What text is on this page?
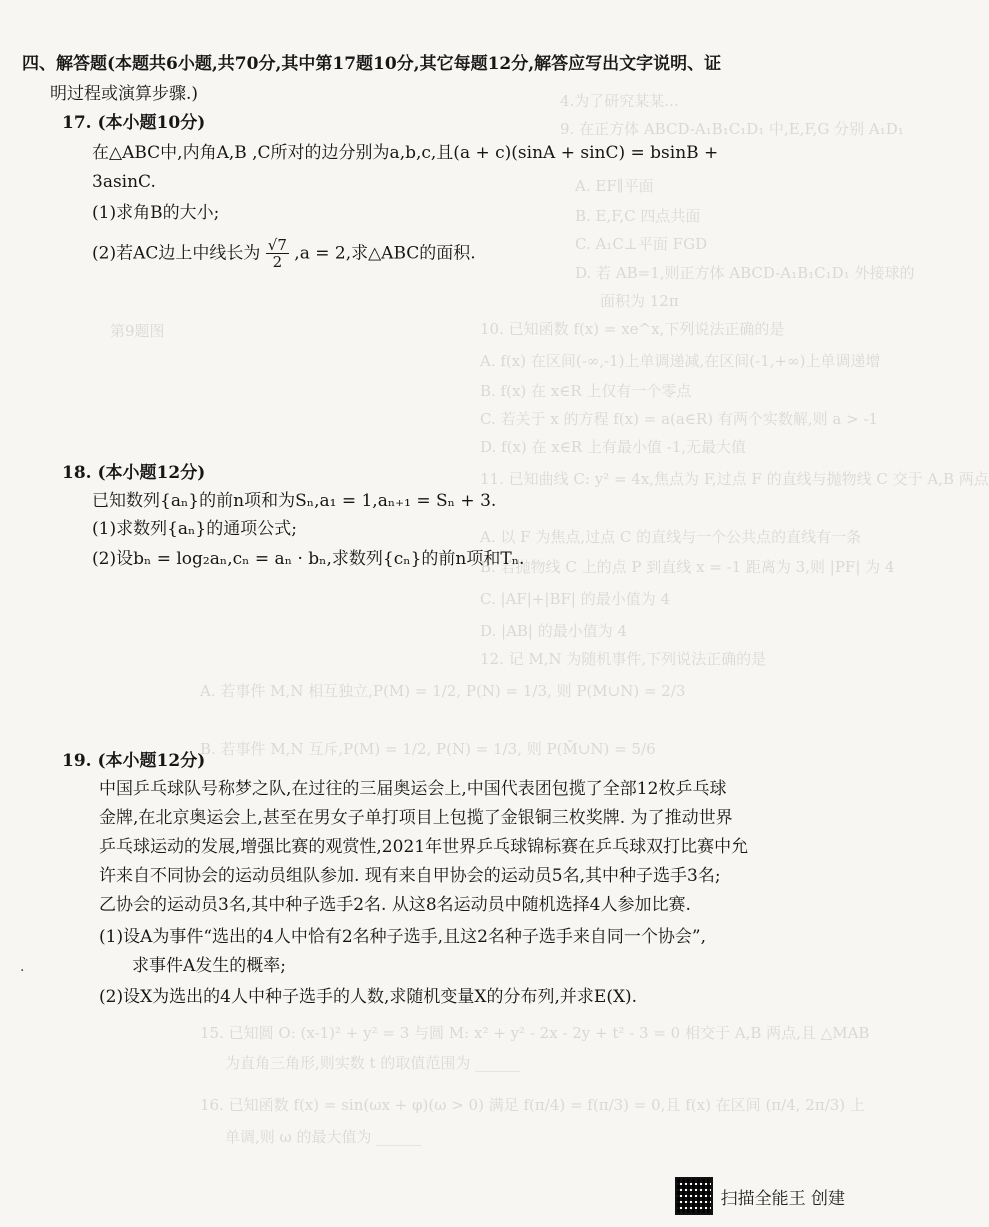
4.为了研究某某...
9. 在正方体 ABCD-A₁B₁C₁D₁ 中,E,F,G 分别 A₁D₁
A. EF∥平面
B. E,F,C 四点共面
C. A₁C⊥平面 FGD
D. 若 AB=1,则正方体 ABCD-A₁B₁C₁D₁ 外接球的
面积为 12π
10. 已知函数 f(x) = xe^x,下列说法正确的是
A. f(x) 在区间(-∞,-1)上单调递减,在区间(-1,+∞)上单调递增
B. f(x) 在 x∈R 上仅有一个零点
C. 若关于 x 的方程 f(x) = a(a∈R) 有两个实数解,则 a > -1
D. f(x) 在 x∈R 上有最小值 -1,无最大值
11. 已知曲线 C: y² = 4x,焦点为 F,过点 F 的直线与抛物线 C 交于 A,B 两点
A. 以 F 为焦点,过点 C 的直线与一个公共点的直线有一条
B. 若抛物线 C 上的点 P 到直线 x = -1 距离为 3,则 |PF| 为 4
C. |AF|+|BF| 的最小值为 4
D. |AB| 的最小值为 4
12. 记 M,N 为随机事件,下列说法正确的是
A. 若事件 M,N 相互独立,P(M) = 1/2, P(N) = 1/3, 则 P(M∪N) = 2/3
B. 若事件 M,N 互斥,P(M) = 1/2, P(N) = 1/3, 则 P(M̄∪N) = 5/6
第9题图
15. 已知圆 O: (x-1)² + y² = 3 与圆 M: x² + y² - 2x - 2y + t² - 3 = 0 相交于 A,B 两点,且 △MAB
为直角三角形,则实数 t 的取值范围为 ______
16. 已知函数 f(x) = sin(ωx + φ)(ω > 0) 满足 f(π/4) = f(π/3) = 0,且 f(x) 在区间 (π/4, 2π/3) 上
单调,则 ω 的最大值为 ______
四、解答题(本题共6小题,共70分,其中第17题10分,其它每题12分,解答应写出文字说明、证
明过程或演算步骤.)
17. (本小题10分)
在△ABC中,内角A,B ,C所对的边分别为a,b,c,且(a + c)(sinA + sinC) = bsinB +
3asinC.
(1)求角B的大小;
(2)若AC边上中线长为 $\frac{√7}{2} ,a = 2$,求△ABC的面积.
18. (本小题12分)
已知数列{aₙ}的前n项和为Sₙ,a₁ = 1,aₙ₊₁ = Sₙ + 3.
(1)求数列{aₙ}的通项公式;
(2)设bₙ = log₂aₙ,cₙ = aₙ · bₙ,求数列{cₙ}的前n项和Tₙ.
19. (本小题12分)
中国乒乓球队号称梦之队,在过往的三届奥运会上,中国代表团包揽了全部12枚乒乓球
金牌,在北京奥运会上,甚至在男女子单打项目上包揽了金银铜三枚奖牌. 为了推动世界
乒乓球运动的发展,增强比赛的观赏性,2021年世界乒乓球锦标赛在乒乓球双打比赛中允
许来自不同协会的运动员组队参加. 现有来自甲协会的运动员5名,其中种子选手3名;
乙协会的运动员3名,其中种子选手2名. 从这8名运动员中随机选择4人参加比赛.
(1)设A为事件“选出的4人中恰有2名种子选手,且这2名种子选手来自同一个协会”,
求事件A发生的概率;
(2)设X为选出的4人中种子选手的人数,求随机变量X的分布列,并求E(X).
·
扫描全能王 创建
